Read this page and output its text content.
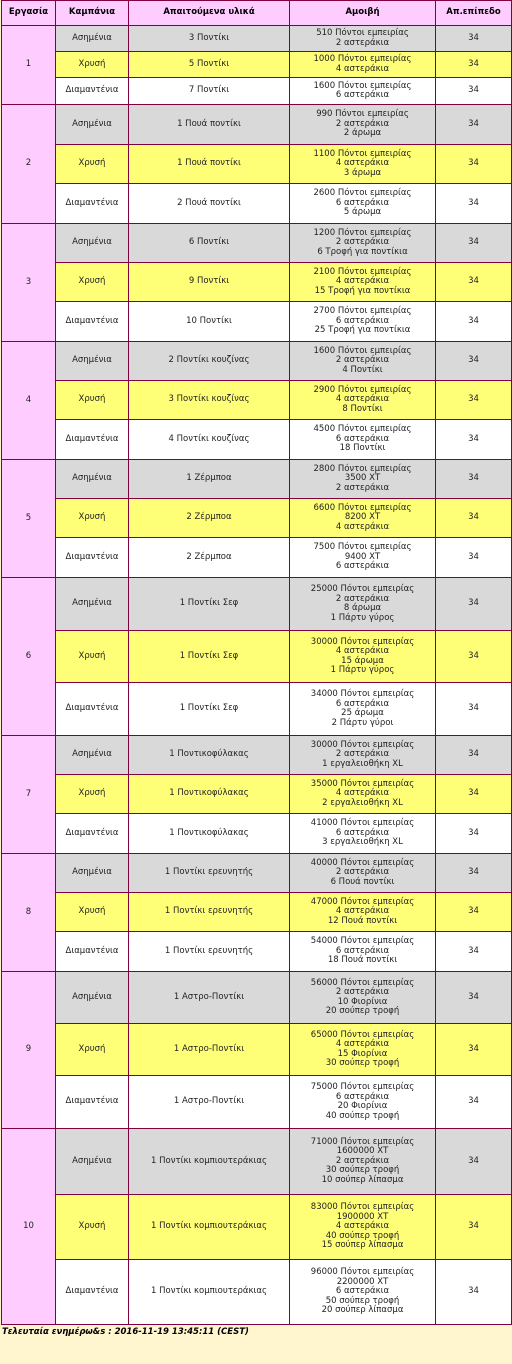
Εργασία	Καμπάνια	Απαιτούμενα υλικά	Αμοιβή	Απ.επίπεδο
1	Ασημένια	3 Ποντίκι	510 Πόντοι εμπειρίας
2 αστεράκια	34
	Χρυσή	5 Ποντίκι	1000 Πόντοι εμπειρίας
4 αστεράκια	34
	Διαμαντένια	7 Ποντίκι	1600 Πόντοι εμπειρίας
6 αστεράκια	34
2	Ασημένια	1 Πουά ποντίκι	990 Πόντοι εμπειρίας
2 αστεράκια
2 άρωμα	34
	Χρυσή	1 Πουά ποντίκι	1100 Πόντοι εμπειρίας
4 αστεράκια
3 άρωμα	34
	Διαμαντένια	2 Πουά ποντίκι	2600 Πόντοι εμπειρίας
6 αστεράκια
5 άρωμα	34
3	Ασημένια	6 Ποντίκι	1200 Πόντοι εμπειρίας
2 αστεράκια
6 Τροφή για ποντίκια	34
	Χρυσή	9 Ποντίκι	2100 Πόντοι εμπειρίας
4 αστεράκια
15 Τροφή για ποντίκια	34
	Διαμαντένια	10 Ποντίκι	2700 Πόντοι εμπειρίας
6 αστεράκια
25 Τροφή για ποντίκια	34
4	Ασημένια	2 Ποντίκι κουζίνας	1600 Πόντοι εμπειρίας
2 αστεράκια
4 Ποντίκι	34
	Χρυσή	3 Ποντίκι κουζίνας	2900 Πόντοι εμπειρίας
4 αστεράκια
8 Ποντίκι	34
	Διαμαντένια	4 Ποντίκι κουζίνας	4500 Πόντοι εμπειρίας
6 αστεράκια
18 Ποντίκι	34
5	Ασημένια	1 Ζέρμποα	2800 Πόντοι εμπειρίας
3500 ΧΤ
2 αστεράκια	34
	Χρυσή	2 Ζέρμποα	6600 Πόντοι εμπειρίας
8200 ΧΤ
4 αστεράκια	34
	Διαμαντένια	2 Ζέρμποα	7500 Πόντοι εμπειρίας
9400 ΧΤ
6 αστεράκια	34
6	Ασημένια	1 Ποντίκι Σεφ	25000 Πόντοι εμπειρίας
2 αστεράκια
8 άρωμα
1 Πάρτυ γύρος	34
	Χρυσή	1 Ποντίκι Σεφ	30000 Πόντοι εμπειρίας
4 αστεράκια
15 άρωμα
1 Πάρτυ γύρος	34
	Διαμαντένια	1 Ποντίκι Σεφ	34000 Πόντοι εμπειρίας
6 αστεράκια
25 άρωμα
2 Πάρτυ γύροι	34
7	Ασημένια	1 Ποντικοφύλακας	30000 Πόντοι εμπειρίας
2 αστεράκια
1 εργαλειοθήκη XL	34
	Χρυσή	1 Ποντικοφύλακας	35000 Πόντοι εμπειρίας
4 αστεράκια
2 εργαλειοθήκη XL	34
	Διαμαντένια	1 Ποντικοφύλακας	41000 Πόντοι εμπειρίας
6 αστεράκια
3 εργαλειοθήκη XL	34
8	Ασημένια	1 Ποντίκι ερευνητής	40000 Πόντοι εμπειρίας
2 αστεράκια
6 Πουά ποντίκι	34
	Χρυσή	1 Ποντίκι ερευνητής	47000 Πόντοι εμπειρίας
4 αστεράκια
12 Πουά ποντίκι	34
	Διαμαντένια	1 Ποντίκι ερευνητής	54000 Πόντοι εμπειρίας
6 αστεράκια
18 Πουά ποντίκι	34
9	Ασημένια	1 Αστρο-Ποντίκι	56000 Πόντοι εμπειρίας
2 αστεράκια
10 Φιορίνια
20 σούπερ τροφή	34
	Χρυσή	1 Αστρο-Ποντίκι	65000 Πόντοι εμπειρίας
4 αστεράκια
15 Φιορίνια
30 σούπερ τροφή	34
	Διαμαντένια	1 Αστρο-Ποντίκι	75000 Πόντοι εμπειρίας
6 αστεράκια
20 Φιορίνια
40 σούπερ τροφή	34
10	Ασημένια	1 Ποντίκι κομπιουτεράκιας	71000 Πόντοι εμπειρίας
1600000 ΧΤ
2 αστεράκια
30 σούπερ τροφή
10 σούπερ λίπασμα	34
	Χρυσή	1 Ποντίκι κομπιουτεράκιας	83000 Πόντοι εμπειρίας
1900000 ΧΤ
4 αστεράκια
40 σούπερ τροφή
15 σούπερ λίπασμα	34
	Διαμαντένια	1 Ποντίκι κομπιουτεράκιας	96000 Πόντοι εμπειρίας
2200000 ΧΤ
6 αστεράκια
50 σούπερ τροφή
20 σούπερ λίπασμα	34
Τελευταία ενημέρω&s : 2016-11-19 13:45:11 (CEST)
